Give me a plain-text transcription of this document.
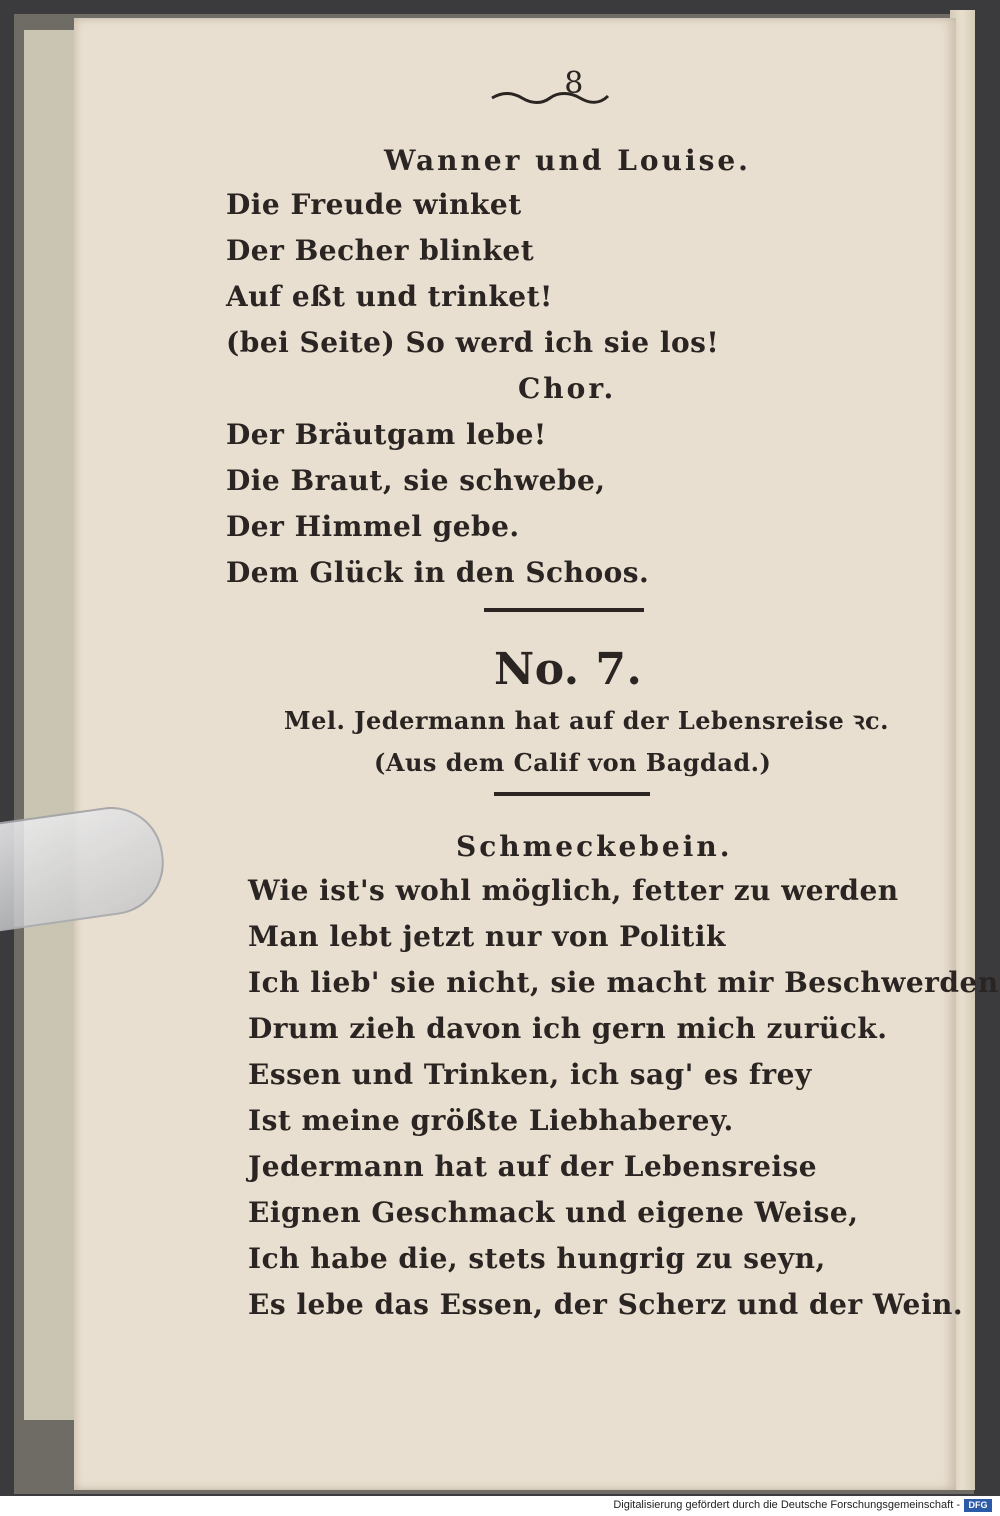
8
Wanner und Louise.
Die Freude winket
Der Becher blinket
Auf eßt und trinket!
(bei Seite) So werd ich sie los!
Chor.
Der Bräutgam lebe!
Die Braut, sie schwebe,
Der Himmel gebe.
Dem Glück in den Schoos.
No. 7.
Mel. Jedermann hat auf der Lebensreise ꝛc.
(Aus dem Calif von Bagdad.)
Schmeckebein.
Wie ist's wohl möglich, fetter zu werden
Man lebt jetzt nur von Politik
Ich lieb' sie nicht, sie macht mir Beschwerden
Drum zieh davon ich gern mich zurück.
Essen und Trinken, ich sag' es frey
Ist meine größte Liebhaberey.
Jedermann hat auf der Lebensreise
Eignen Geschmack und eigene Weise,
Ich habe die, stets hungrig zu seyn,
Es lebe das Essen, der Scherz und der Wein.
Digitalisierung gefördert durch die Deutsche Forschungsgemeinschaft - DFG
